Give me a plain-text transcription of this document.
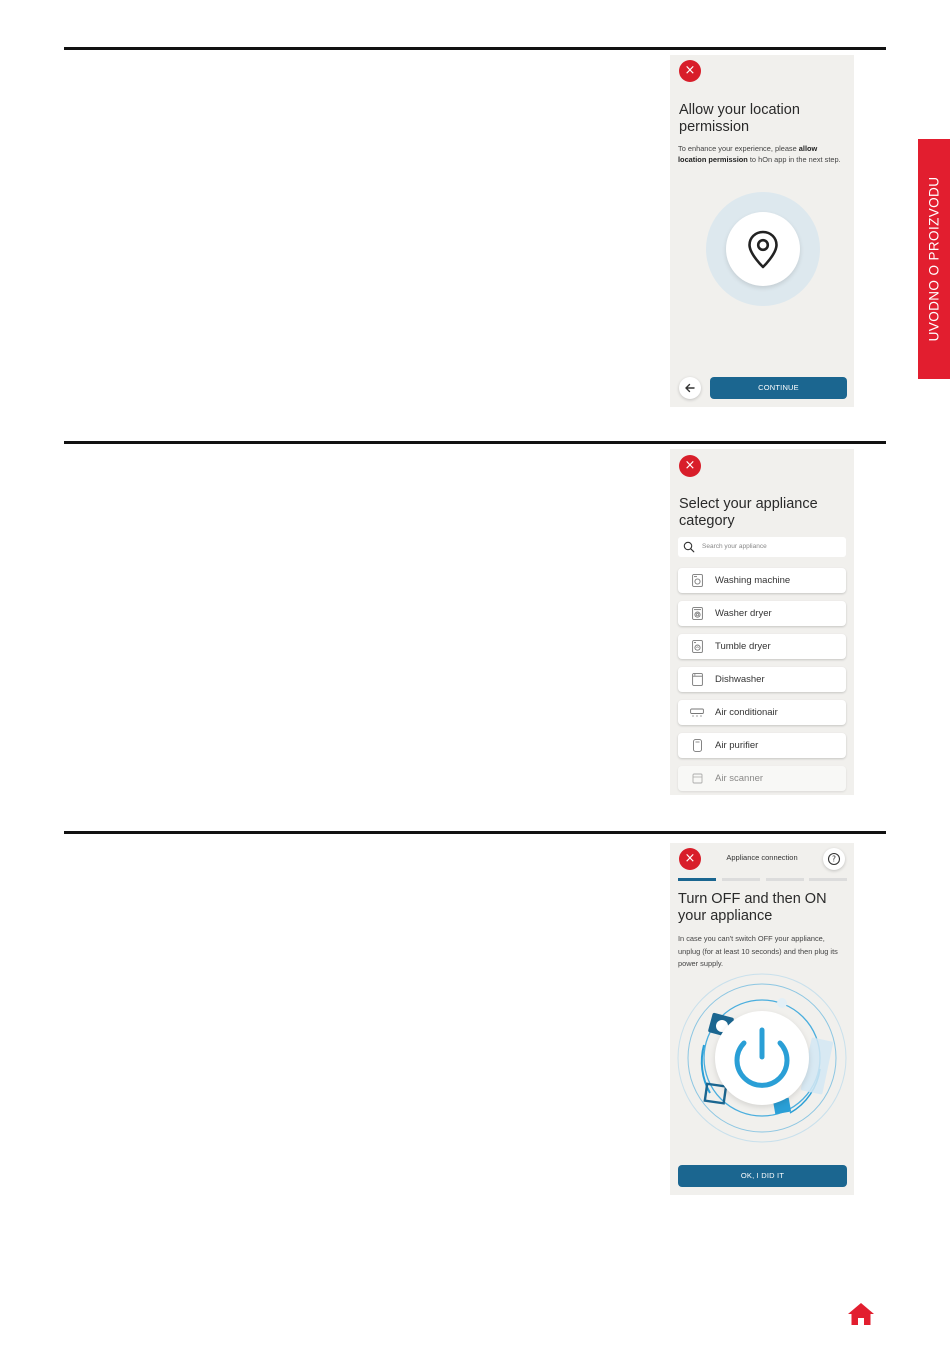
×
Allow your location permission

To enhance your experience, please allow location permission to hOn app in the next step.

CONTINUE
×
Select your appliance category
Search your appliance
Washing machine
Washer dryer
Tumble dryer
Dishwasher
Air conditionair
Air purifier
Air scanner
×	Appliance connection	?
Turn OFF and then ON your appliance

In case you can't switch OFF your appliance, unplug (for at least 10 seconds) and then plug its power supply.

OK, I DID IT
UVODNO O PROIZVODU
